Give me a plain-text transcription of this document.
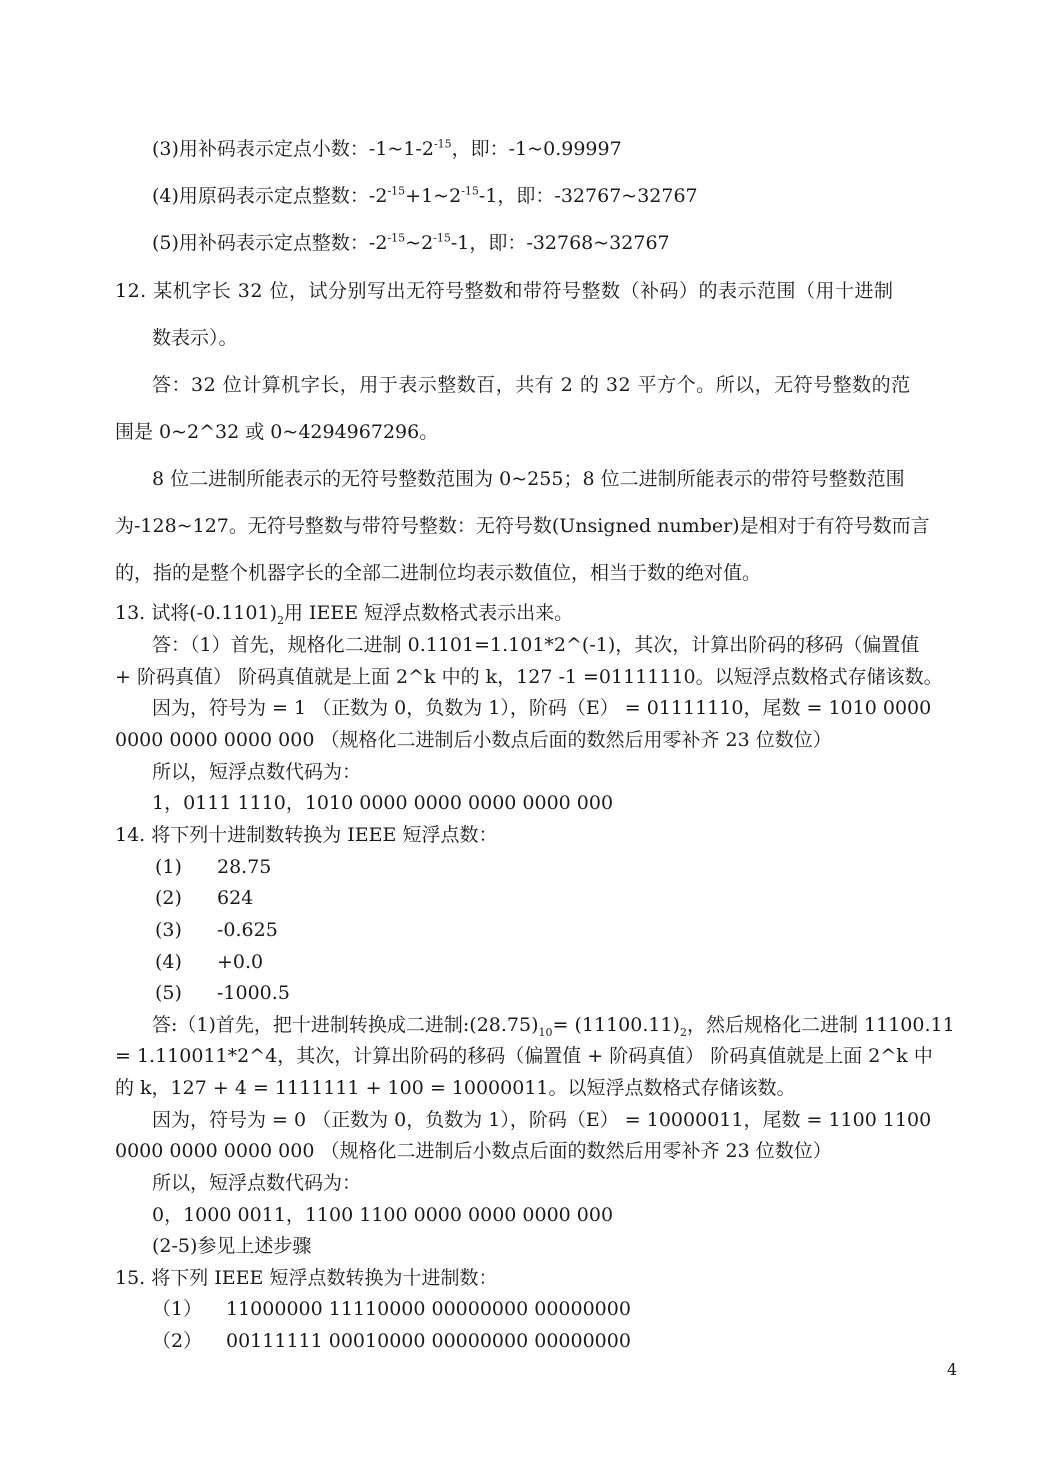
(3)用补码表示定点小数：$-1\sim 1-2^{-15}$，即：-1~0.99997
(4)用原码表示定点整数：$-2^{-15}+1\sim 2^{-15}-1$，即：-32767~32767
(5)用补码表示定点整数：$-2^{-15}\sim 2^{-15}-1$，即：-32768~32767
12. 某机字长 32 位，试分别写出无符号整数和带符号整数（补码）的表示范围（用十进制
数表示）。
答：32 位计算机字长，用于表示整数百，共有 2 的 32 平方个。所以，无符号整数的范
围是 0~2^32 或 0~4294967296。
8 位二进制所能表示的无符号整数范围为 0~255；8 位二进制所能表示的带符号整数范围
为-128~127。无符号整数与带符号整数：无符号数(Unsigned number)是相对于有符号数而言
的，指的是整个机器字长的全部二进制位均表示数值位，相当于数的绝对值。
13. 试将$(-0.1101)_2$用 IEEE 短浮点数格式表示出来。
答：（1）首先，规格化二进制 0.1101=1.101*2^(-1)，其次，计算出阶码的移码（偏置值
+ 阶码真值） 阶码真值就是上面 2^k 中的 k，127 -1 =01111110。以短浮点数格式存储该数。
因为，符号为 = 1 （正数为 0，负数为 1），阶码（E） = 01111110，尾数 = 1010 0000
0000 0000 0000 000 （规格化二进制后小数点后面的数然后用零补齐 23 位数位）
所以，短浮点数代码为：
1，0111 1110，1010 0000 0000 0000 0000 000
14. 将下列十进制数转换为 IEEE 短浮点数：
(1) 28.75
(2) 624
(3) -0.625
(4) +0.0
(5) -1000.5
答:（1)首先，把十进制转换成二进制$:(28.75)_{10}= (11100.11)_2$，然后规格化二进制 11100.11
= 1.110011*2^4，其次，计算出阶码的移码（偏置值 + 阶码真值） 阶码真值就是上面 2^k 中
的 k，127 + 4 = 1111111 + 100 = 10000011。以短浮点数格式存储该数。
因为，符号为 = 0 （正数为 0，负数为 1），阶码（E） = 10000011，尾数 = 1100 1100
0000 0000 0000 000 （规格化二进制后小数点后面的数然后用零补齐 23 位数位）
所以，短浮点数代码为：
0，1000 0011，1100 1100 0000 0000 0000 000
(2-5)参见上述步骤
15. 将下列 IEEE 短浮点数转换为十进制数：
（1） 11000000 11110000 00000000 00000000
（2） 00111111 00010000 00000000 00000000
4
